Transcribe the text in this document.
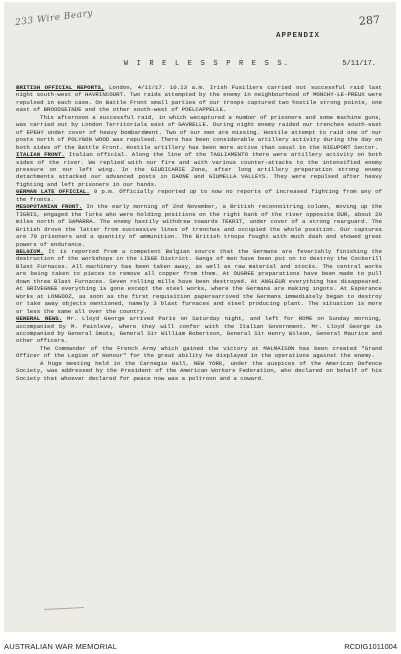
233 Wire Beary	287
APPENDIX
W I R E L E S S P R E S S.	5/11/17.

BRITISH OFFICIAL REPORTS, London, 4/11/17. 10.13 a.m. Irish Fusiliers carried out successful raid last night south-west of HAVRINCOURT. Two raids attempted by the enemy in neighbourhood of MONCHY-LE-PREUX were repulsed in each case. On Battle Front small parties of our troops captured two hostile strong points, one east of BROODSEINDE and the other south-west of POELCAPPELLE.

This afternoon a successful raid, in which wecaptured a number of prisoners and some machine guns, was carried out by London Territorials east of GAVRELLE. During night enemy raided our trenches south-east of EPEHY under cover of heavy bombardment. Two of our men are missing. Hostile attempt to raid one of our posts north of POLYGON WOOD was repulsed. There has been considerable artillery activity during the day on both sides of the Battle Front. Hostile artillery has been more active than usual in the NIEUPORT Sector.

ITALIAN FRONT. Italian official. Along the line of the TAGLIAMENTO there were artillery activity on both sides of the river. We replied with our fire and with various counter-attacks to the intensified enemy pressure on our left wing. In the GIUDICARIE Zone, after long artillery preparation strong enemy detachments attacked our advanced posts in DAONE and GIUMELLA VALLEYS. They were repulsed after heavy fighting and left prisoners in our hands.

GERMAN LATE OFFICIAL. 9 p.m. Officially reported up to now no reports of increased fighting from any of the fronts.

MESOPOTAMIAN FRONT. In the early morning of 2nd November, a British reconnoitring column, moving up the TIGRIS, engaged the Turks who were holding positions on the right bank of the river opposite DUR, about 20 miles north of SAMARRA. The enemy hastily withdrew towards TEKRIT, under cover of a strong rearguard. The British drove the latter from successive lines of trenches and occupied the whole position. Our captures are 79 prisoners and a quantity of ammunition. The British troops fought with much dash and showed great powers of endurance.

BELGIUM. It is reported from a competent Belgian source that the Germans are feverishly finishing the destruction of the workshops in the LIEGE District. Gangs of men have been put on to destroy the Cockerill Blast Furnaces. All machinery has been taken away, as well as raw material and stocks. The central works are being taken to pieces to remove all copper from them. At OUGREE preparations have been made to pull down three Blast Furnaces. Seven rolling mills have been destroyed. At ANGLEUR everything has disappeared. At GRIVEGNEE everything is gone except the steel works, where the Germans are making ingots. At Esperance Works at LONGDOZ, as soon as the first requisition papersarrived the Germans immediately began to destroy or take away objects mentioned, namely 3 blast furnaces and steel producing plant. The situation is more or less the same all over the country.

GENERAL NEWS. Mr. Lloyd George arrived Paris on Saturday night, and left for ROME on Sunday morning, accompanied by M. Painleve, where they will confer with the Italian Government. Mr. Lloyd George is accompanied by General Smuts, General Sir William Robertson, General Sir Henry Wilson, General Maurice and other officers.

The Commander of the French Army which gained the victory at MALMAISON has been created "Grand Officer of the Legion of Honour" for the great ability he displayed in the operations against the enemy.

A huge meeting held in the Carnegie Hall, NEW YORK, under the auspices of the American Defence Society, was addressed by the President of the American Workers Federation, who declared on behalf of his Society that whoever declared for peace now was a poltroon and a coward.

AUSTRALIAN WAR MEMORIAL	RCDIG1011004
